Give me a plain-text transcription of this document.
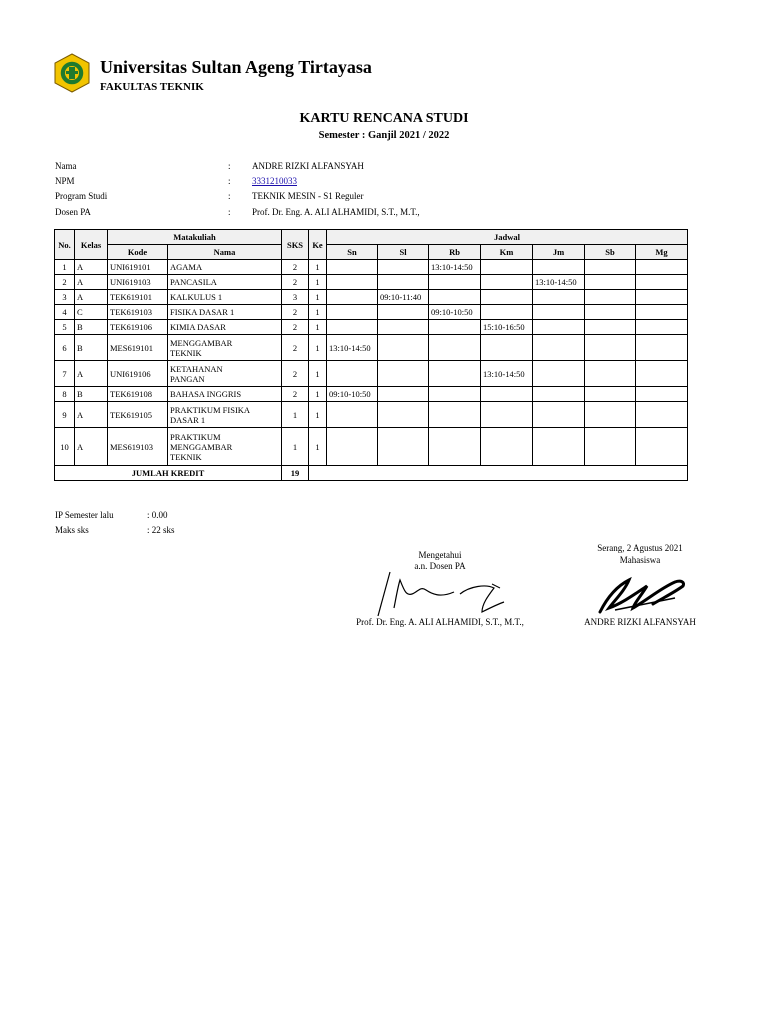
Universitas Sultan Ageng Tirtayasa
FAKULTAS TEKNIK
KARTU RENCANA STUDI
Semester : Ganjil 2021 / 2022
Nama	:	ANDRE RIZKI ALFANSYAH
NPM	:	3331210033
Program Studi	:	TEKNIK MESIN - S1 Reguler
Dosen PA	:	Prof. Dr. Eng. A. ALI ALHAMIDI, S.T., M.T.,
No.	Kelas	Matakuliah		SKS	Ke	Jadwal						
		Kode	Nama			Sn	Sl	Rb	Km	Jm	Sb	Mg
1	A	UNI619101	AGAMA	2	1			13:10-14:50				
2	A	UNI619103	PANCASILA	2	1					13:10-14:50		
3	A	TEK619101	KALKULUS 1	3	1		09:10-11:40					
4	C	TEK619103	FISIKA DASAR 1	2	1			09:10-10:50				
5	B	TEK619106	KIMIA DASAR	2	1				15:10-16:50			
6	B	MES619101	MENGGAMBAR
TEKNIK	2	1	13:10-14:50						
7	A	UNI619106	KETAHANAN
PANGAN	2	1				13:10-14:50			
8	B	TEK619108	BAHASA INGGRIS	2	1	09:10-10:50						
9	A	TEK619105	PRAKTIKUM FISIKA
DASAR 1	1	1							
10	A	MES619103	PRAKTIKUM
MENGGAMBAR
TEKNIK	1	1							
JUMLAH KREDIT				19								
IP Semester lalu	: 0.00
Maks sks	: 22 sks
Mengetahui
a.n. Dosen PA
Prof. Dr. Eng. A. ALI ALHAMIDI, S.T., M.T.,
Serang, 2 Agustus 2021
Mahasiswa
ANDRE RIZKI ALFANSYAH
